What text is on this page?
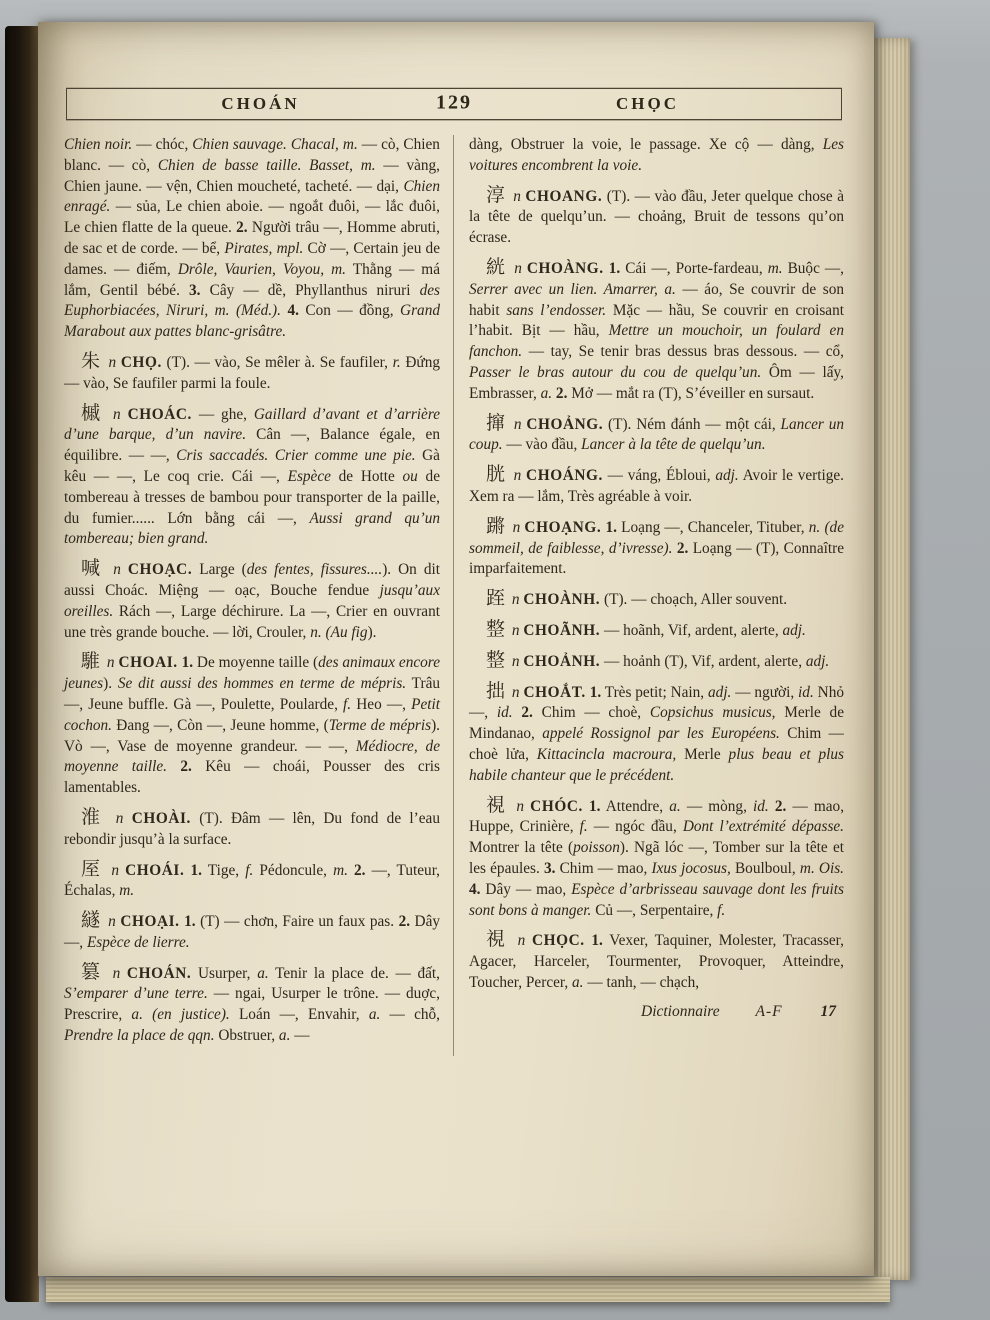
CHOÁN	CHỌC
129

Chien noir. — chóc, Chien sauvage. Chacal, m. — cò, Chien blanc. — cò, Chien de basse taille. Basset, m. — vàng, Chien jaune. — vện, Chien moucheté, tacheté. — dại, Chien enragé. — sủa, Le chien aboie. — ngoắt đuôi, — lắc đuôi, Le chien flatte de la queue. 2. Người trâu —, Homme abruti, de sac et de corde. — bể, Pirates, mpl. Cờ —, Certain jeu de dames. — điếm, Drôle, Vaurien, Voyou, m. Thằng — má lắm, Gentil bébé. 3. Cây — dề, Phyllanthus niruri des Euphorbiacées, Niruri, m. (Méd.). 4. Con — đồng, Grand Marabout aux pattes blanc-grisâtre.

朱 n CHỌ. (T). — vào, Se mêler à. Se faufiler, r. Đứng — vào, Se faufiler parmi la foule.

槭 n CHOÁC. — ghe, Gaillard d’avant et d’arrière d’une barque, d’un navire. Cân —, Balance égale, en équilibre. — —, Cris saccadés. Crier comme une pie. Gà kêu — —, Le coq crie. Cái —, Espèce de Hotte ou de tombereau à tresses de bambou pour transporter de la paille, du fumier...... Lớn bằng cái —, Aussi grand qu’un tombereau; bien grand.

喊 n CHOẠC. Large (des fentes, fissures....). On dit aussi Choác. Miệng — oạc, Bouche fendue jusqu’aux oreilles. Rách —, Large déchirure. La —, Crier en ouvrant une très grande bouche. — lời, Crouler, n. (Au fig).

騅 n CHOAI. 1. De moyenne taille (des animaux encore jeunes). Se dit aussi des hommes en terme de mépris. Trâu —, Jeune buffle. Gà —, Poulette, Poularde, f. Heo —, Petit cochon. Đang —, Còn —, Jeune homme, (Terme de mépris). Vò —, Vase de moyenne grandeur. — —, Médiocre, de moyenne taille. 2. Kêu — choái, Pousser des cris lamentables.

淮 n CHOÀI. (T). Đâm — lên, Du fond de l’eau rebondir jusqu’à la surface.

厔 n CHOÁI. 1. Tige, f. Pédoncule, m. 2. —, Tuteur, Échalas, m.

繸 n CHOẠI. 1. (T) — chơn, Faire un faux pas. 2. Dây —, Espèce de lierre.

篡 n CHOÁN. Usurper, a. Tenir la place de. — đất, S’emparer d’une terre. — ngai, Usurper le trône. — duợc, Prescrire, a. (en justice). Loán —, Envahir, a. — chỗ, Prendre la place de qqn. Obstruer, a. —

dàng, Obstruer la voie, le passage. Xe cộ — dàng, Les voitures encombrent la voie.

淳 n CHOANG. (T). — vào đầu, Jeter quelque chose à la tête de quelqu’un. — choảng, Bruit de tessons qu’on écrase.

絖 n CHOÀNG. 1. Cái —, Porte-fardeau, m. Buộc —, Serrer avec un lien. Amarrer, a. — áo, Se couvrir de son habit sans l’endosser. Mặc — hầu, Se couvrir en croisant l’habit. Bịt — hầu, Mettre un mouchoir, un foulard en fanchon. — tay, Se tenir bras dessus bras dessous. — cổ, Passer le bras autour du cou de quelqu’un. Ôm — lấy, Embrasser, a. 2. Mở — mắt ra (T), S’éveiller en sursaut.

撺 n CHOẢNG. (T). Ném đánh — một cái, Lancer un coup. — vào đầu, Lancer à la tête de quelqu’un.

胱 n CHOÁNG. — váng, Ébloui, adj. Avoir le vertige. Xem ra — lắm, Très agréable à voir.

蹡 n CHOẠNG. 1. Loạng —, Chanceler, Tituber, n. (de sommeil, de faiblesse, d’ivresse). 2. Loạng — (T), Connaître imparfaitement.

跮 n CHOÀNH. (T). — choạch, Aller souvent.

整 n CHOÃNH. — hoãnh, Vif, ardent, alerte, adj.

整 n CHOẢNH. — hoảnh (T), Vif, ardent, alerte, adj.

拙 n CHOẮT. 1. Très petit; Nain, adj. — người, id. Nhỏ —, id. 2. Chim — choè, Copsichus musicus, Merle de Mindanao, appelé Rossignol par les Européens. Chim — choè lửa, Kittacincla macroura, Merle plus beau et plus habile chanteur que le précédent.

視 n CHÓC. 1. Attendre, a. — mòng, id. 2. — mao, Huppe, Crinière, f. — ngóc đầu, Dont l’extrémité dépasse. Montrer la tête (poisson). Ngã lóc —, Tomber sur la tête et les épaules. 3. Chim — mao, Ixus jocosus, Boulboul, m. Ois. 4. Dây — mao, Espèce d’arbrisseau sauvage dont les fruits sont bons à manger. Củ —, Serpentaire, f.

視 n CHỌC. 1. Vexer, Taquiner, Molester, Tracasser, Agacer, Harceler, Tourmenter, Provoquer, Atteindre, Toucher, Percer, a. — tanh, — chạch,

Dictionnaire A-F 17
